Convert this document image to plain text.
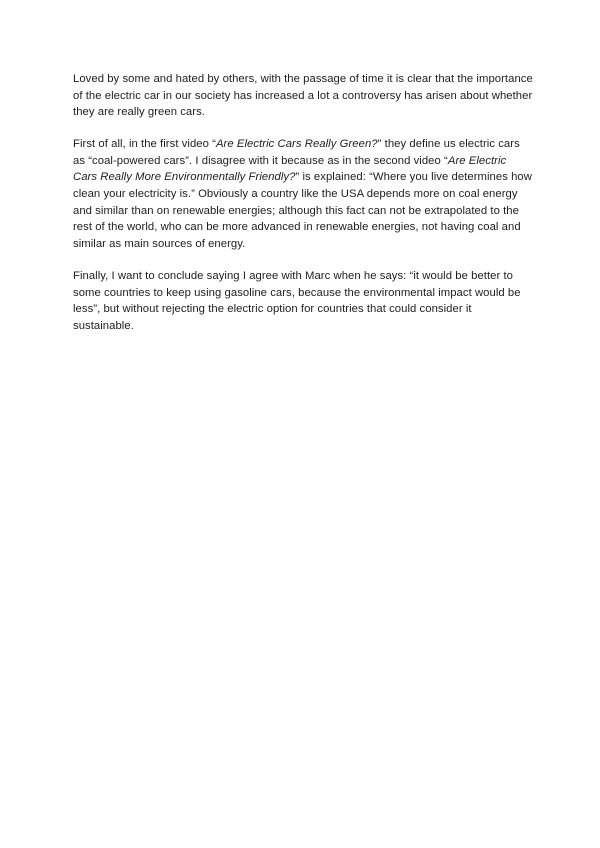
Loved by some and hated by others, with the passage of time it is clear that the importance of the electric car in our society has increased a lot a controversy has arisen about whether they are really green cars.

First of all, in the first video “Are Electric Cars Really Green?” they define us electric cars as “coal-powered cars”. I disagree with it because as in the second video “Are Electric Cars Really More Environmentally Friendly?” is explained: “Where you live determines how clean your electricity is.” Obviously a country like the USA depends more on coal energy and similar than on renewable energies; although this fact can not be extrapolated to the rest of the world, who can be more advanced in renewable energies, not having coal and similar as main sources of energy.

Finally, I want to conclude saying I agree with Marc when he says: “it would be better to some countries to keep using gasoline cars, because the environmental impact would be less”, but without rejecting the electric option for countries that could consider it sustainable.
